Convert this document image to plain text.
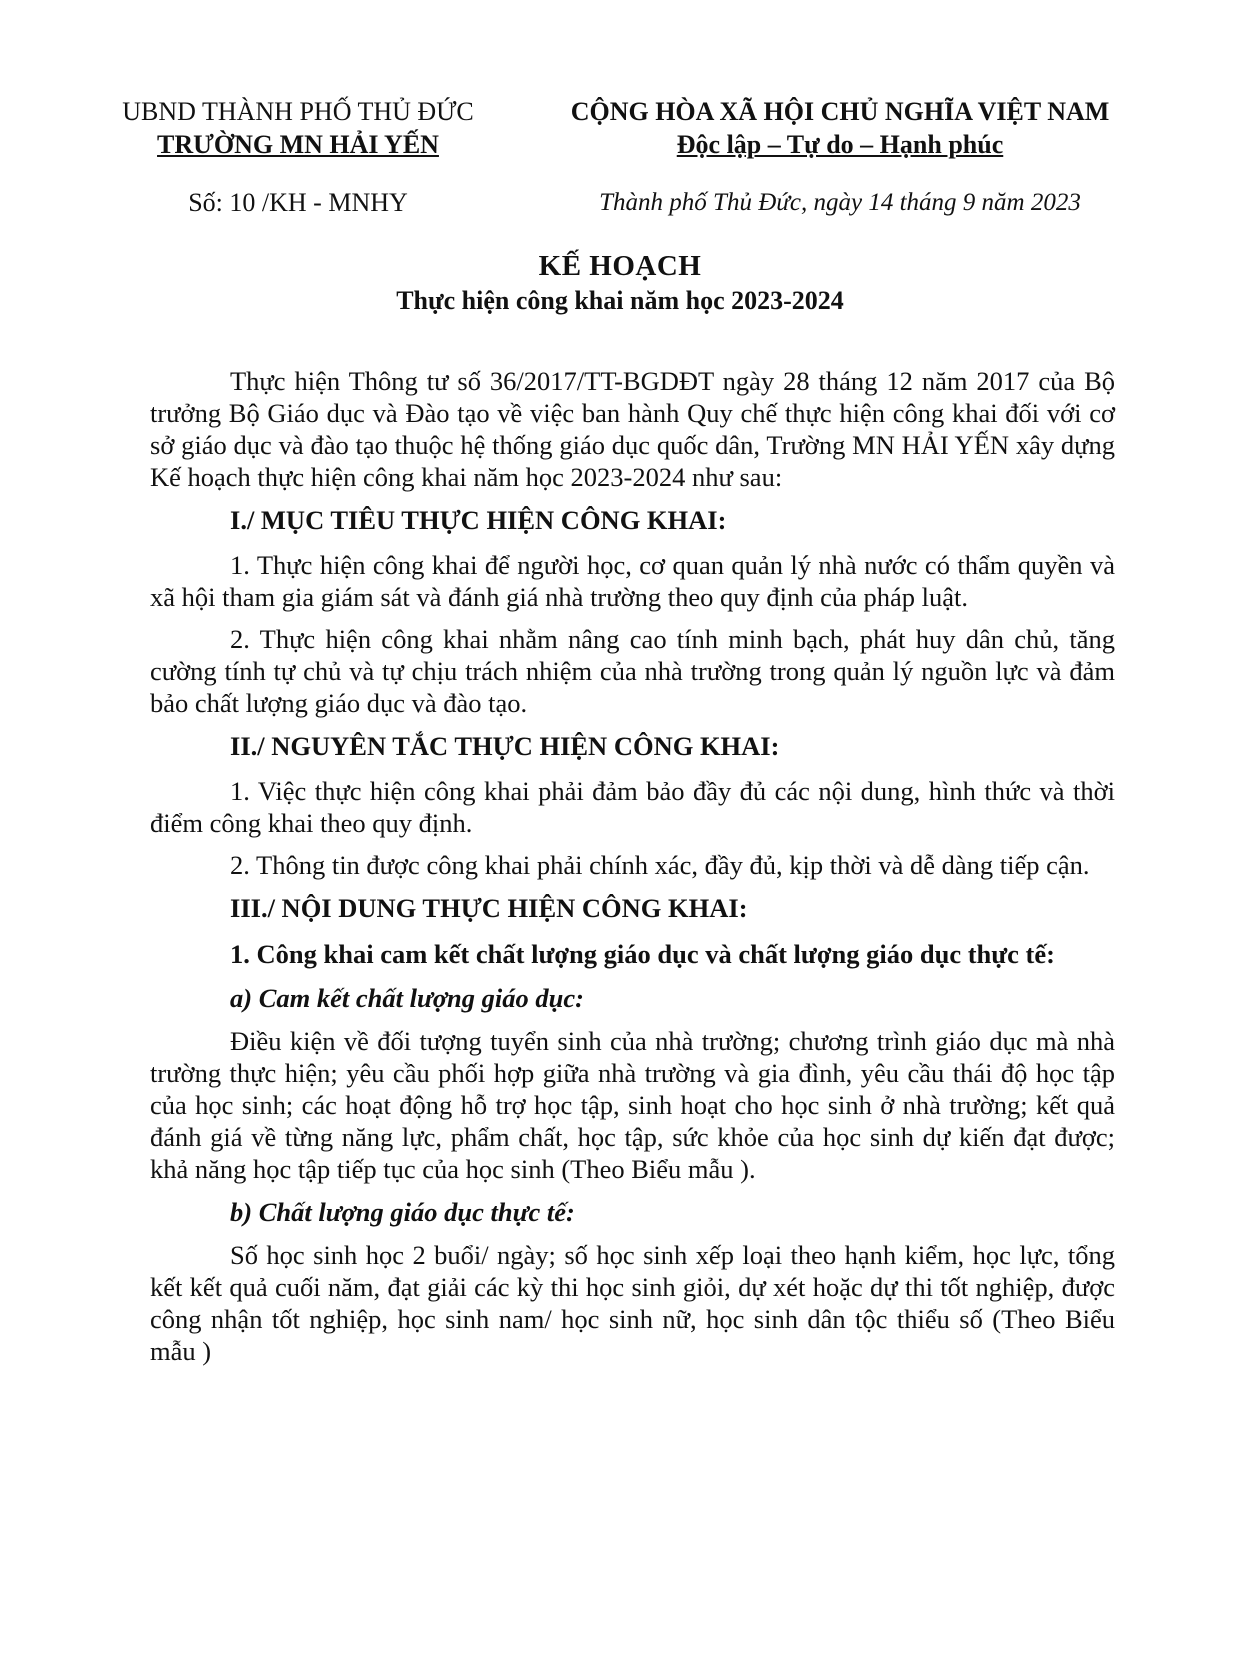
UBND THÀNH PHỐ THỦ ĐỨC
TRƯỜNG MN HẢI YẾN
Số: 10 /KH - MNHY
CỘNG HÒA XÃ HỘI CHỦ NGHĨA VIỆT NAM
Độc lập – Tự do – Hạnh phúc
Thành phố Thủ Đức, ngày 14 tháng 9 năm 2023
KẾ HOẠCH
Thực hiện công khai năm học 2023-2024

Thực hiện Thông tư số 36/2017/TT-BGDĐT ngày 28 tháng 12 năm 2017 của Bộ trưởng Bộ Giáo dục và Đào tạo về việc ban hành Quy chế thực hiện công khai đối với cơ sở giáo dục và đào tạo thuộc hệ thống giáo dục quốc dân, Trường MN HẢI YẾN xây dựng Kế hoạch thực hiện công khai năm học 2023-2024 như sau:

I./ MỤC TIÊU THỰC HIỆN CÔNG KHAI:

1. Thực hiện công khai để người học, cơ quan quản lý nhà nước có thẩm quyền và xã hội tham gia giám sát và đánh giá nhà trường theo quy định của pháp luật.

2. Thực hiện công khai nhằm nâng cao tính minh bạch, phát huy dân chủ, tăng cường tính tự chủ và tự chịu trách nhiệm của nhà trường trong quản lý nguồn lực và đảm bảo chất lượng giáo dục và đào tạo.

II./ NGUYÊN TẮC THỰC HIỆN CÔNG KHAI:

1. Việc thực hiện công khai phải đảm bảo đầy đủ các nội dung, hình thức và thời điểm công khai theo quy định.

2. Thông tin được công khai phải chính xác, đầy đủ, kịp thời và dễ dàng tiếp cận.

III./ NỘI DUNG THỰC HIỆN CÔNG KHAI:
1. Công khai cam kết chất lượng giáo dục và chất lượng giáo dục thực tế:
a) Cam kết chất lượng giáo dục:

Điều kiện về đối tượng tuyển sinh của nhà trường; chương trình giáo dục mà nhà trường thực hiện; yêu cầu phối hợp giữa nhà trường và gia đình, yêu cầu thái độ học tập của học sinh; các hoạt động hỗ trợ học tập, sinh hoạt cho học sinh ở nhà trường; kết quả đánh giá về từng năng lực, phẩm chất, học tập, sức khỏe của học sinh dự kiến đạt được; khả năng học tập tiếp tục của học sinh (Theo Biểu mẫu ).

b) Chất lượng giáo dục thực tế:

Số học sinh học 2 buổi/ ngày; số học sinh xếp loại theo hạnh kiểm, học lực, tổng kết kết quả cuối năm, đạt giải các kỳ thi học sinh giỏi, dự xét hoặc dự thi tốt nghiệp, được công nhận tốt nghiệp, học sinh nam/ học sinh nữ, học sinh dân tộc thiểu số (Theo Biểu mẫu )
